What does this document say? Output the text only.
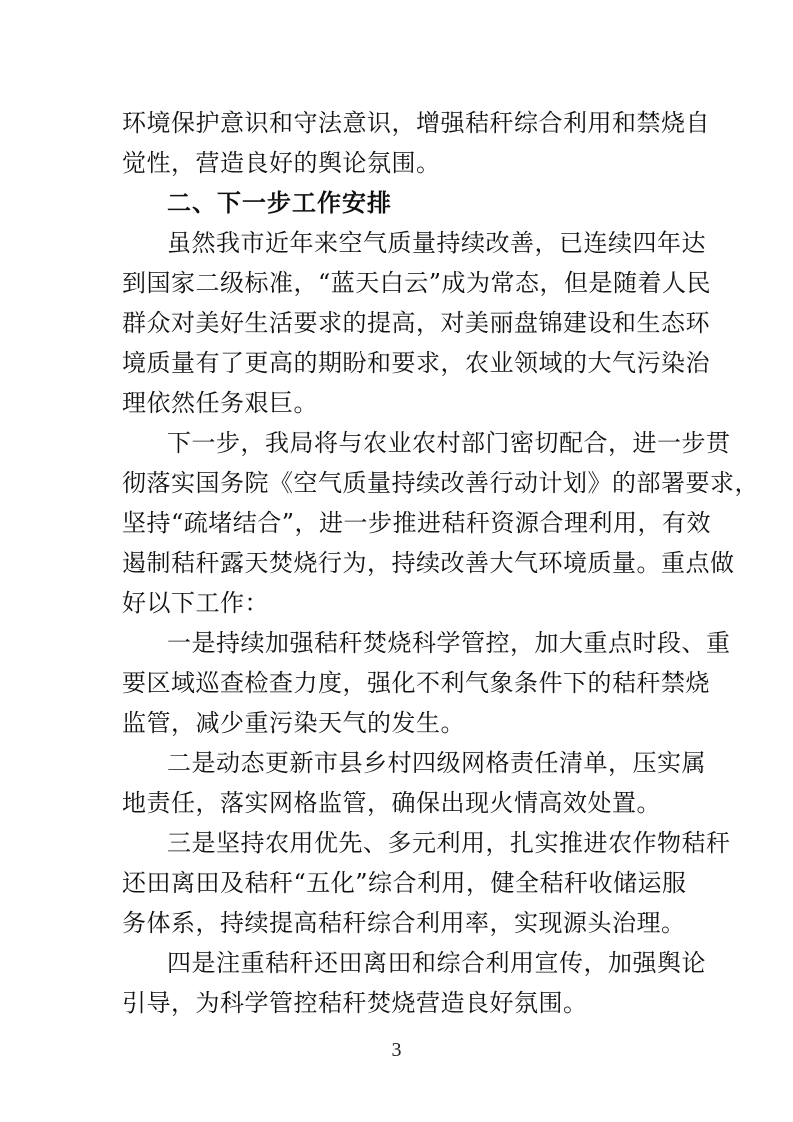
环境保护意识和守法意识，增强秸秆综合利用和禁烧自
觉性，营造良好的舆论氛围。
二、下一步工作安排
虽然我市近年来空气质量持续改善，已连续四年达
到国家二级标准，“蓝天白云”成为常态，但是随着人民
群众对美好生活要求的提高，对美丽盘锦建设和生态环
境质量有了更高的期盼和要求，农业领域的大气污染治
理依然任务艰巨。
下一步，我局将与农业农村部门密切配合，进一步贯
彻落实国务院《空气质量持续改善行动计划》的部署要求，
坚持“疏堵结合”，进一步推进秸秆资源合理利用，有效
遏制秸秆露天焚烧行为，持续改善大气环境质量。重点做
好以下工作：
一是持续加强秸秆焚烧科学管控，加大重点时段、重
要区域巡查检查力度，强化不利气象条件下的秸秆禁烧
监管，减少重污染天气的发生。
二是动态更新市县乡村四级网格责任清单，压实属
地责任，落实网格监管，确保出现火情高效处置。
三是坚持农用优先、多元利用，扎实推进农作物秸秆
还田离田及秸秆“五化”综合利用，健全秸秆收储运服
务体系，持续提高秸秆综合利用率，实现源头治理。
四是注重秸秆还田离田和综合利用宣传，加强舆论
引导，为科学管控秸秆焚烧营造良好氛围。
3
